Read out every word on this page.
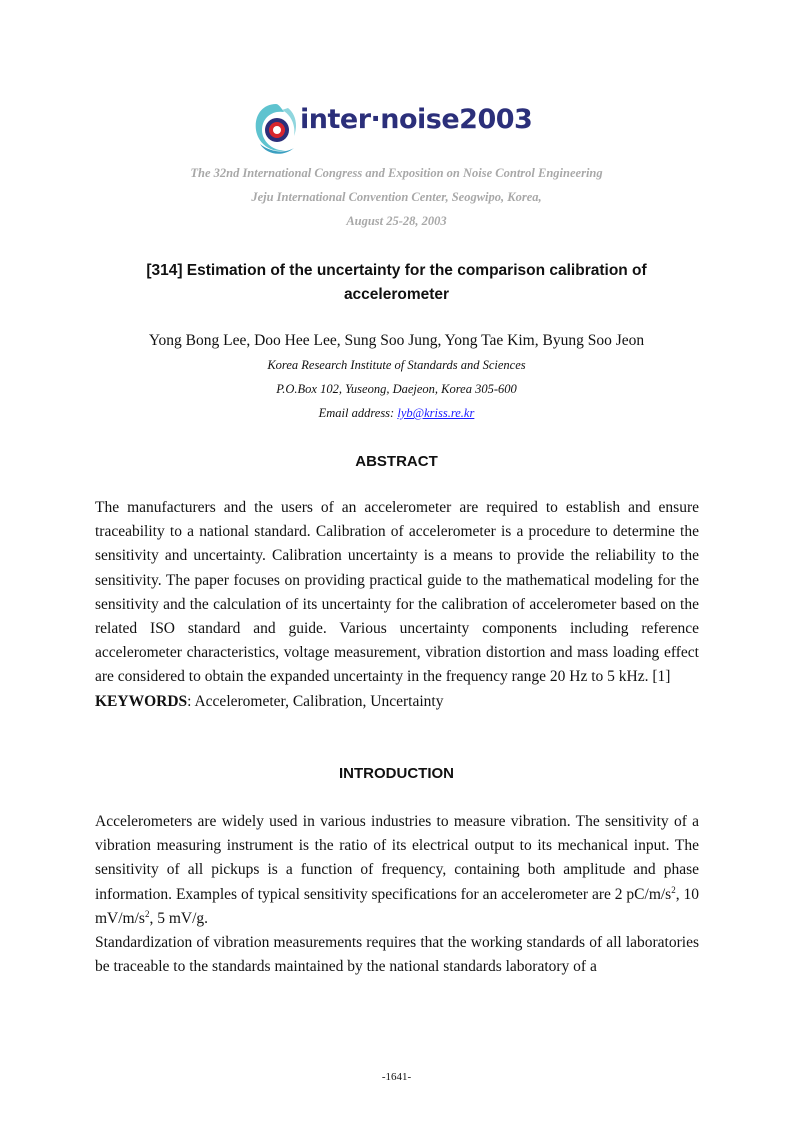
inter·noise2003
The 32nd International Congress and Exposition on Noise Control Engineering
Jeju International Convention Center, Seogwipo, Korea,
August 25-28, 2003
[314] Estimation of the uncertainty for the comparison calibration of
accelerometer
Yong Bong Lee, Doo Hee Lee, Sung Soo Jung, Yong Tae Kim, Byung Soo Jeon
Korea Research Institute of Standards and Sciences
P.O.Box 102, Yuseong, Daejeon, Korea 305-600
Email address: lyb@kriss.re.kr
ABSTRACT

The manufacturers and the users of an accelerometer are required to establish and ensure traceability to a national standard. Calibration of accelerometer is a procedure to determine the sensitivity and uncertainty. Calibration uncertainty is a means to provide the reliability to the sensitivity. The paper focuses on providing practical guide to the mathematical modeling for the sensitivity and the calculation of its uncertainty for the calibration of accelerometer based on the related ISO standard and guide. Various uncertainty components including reference accelerometer characteristics, voltage measurement, vibration distortion and mass loading effect are considered to obtain the expanded uncertainty in the frequency range 20 Hz to 5 kHz. [1]

KEYWORDS: Accelerometer, Calibration, Uncertainty

INTRODUCTION

Accelerometers are widely used in various industries to measure vibration. The sensitivity of a vibration measuring instrument is the ratio of its electrical output to its mechanical input. The sensitivity of all pickups is a function of frequency, containing both amplitude and phase information. Examples of typical sensitivity specifications for an accelerometer are 2 $pC/m/s^2$, 10 $mV/m/s^2$, 5 mV/g.

Standardization of vibration measurements requires that the working standards of all laboratories be traceable to the standards maintained by the national standards laboratory of a

-1641-
